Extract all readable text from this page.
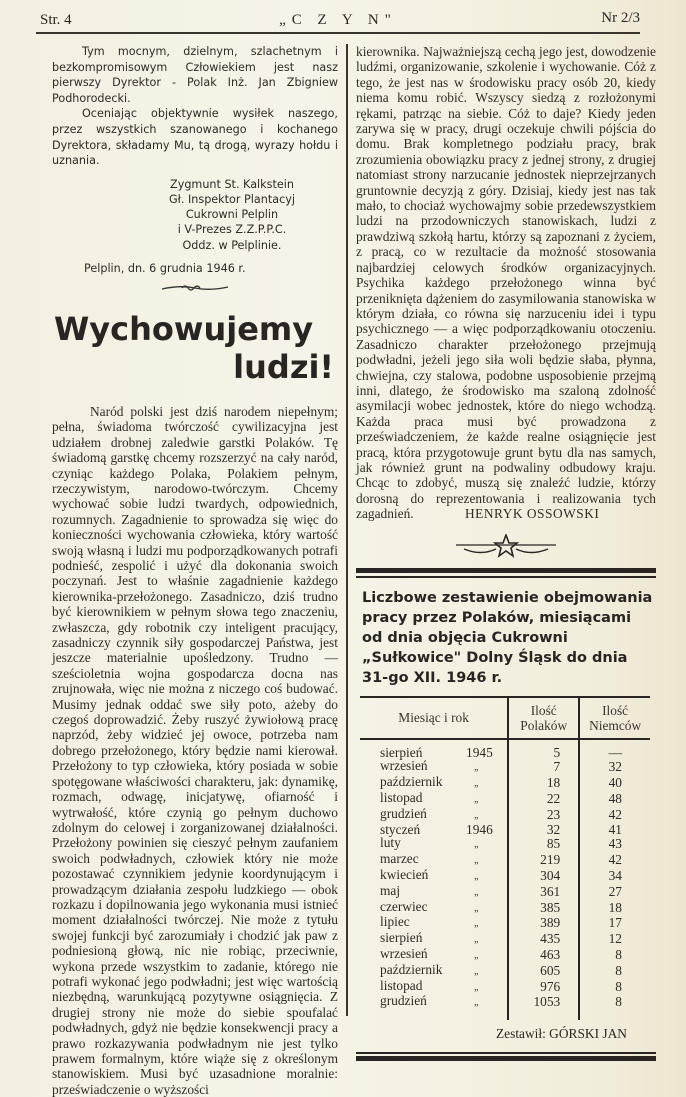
Str. 4	„C Z Y N"	Nr 2/3

Tym mocnym, dzielnym, szlachetnym i bezkompromisowym Człowiekiem jest nasz pierwszy Dyrektor - Polak Inż. Jan Zbigniew Podhorodecki.

Oceniając objektywnie wysiłek naszego, przez wszystkich szanowanego i kochanego Dyrektora, składamy Mu, tą drogą, wyrazy hołdu i uznania.

Zygmunt St. Kalkstein
Gł. Inspektor Plantacyj
Cukrowni Pelplin
i V-Prezes Z.Z.P.P.C.
Oddz. w Pelplinie.
Pelplin, dn. 6 grudnia 1946 r.
Wychowujemy
ludzi!

Naród polski jest dziś narodem niepełnym; pełna, świadoma twórczość cywilizacyjna jest udziałem drobnej zaledwie garstki Polaków. Tę świadomą garstkę chcemy rozszerzyć na cały naród, czyniąc każdego Polaka, Polakiem pełnym, rzeczywistym, narodowo-twórczym. Chcemy wychować sobie ludzi twardych, odpowiednich, rozumnych. Zagadnienie to sprowadza się więc do konieczności wychowania człowieka, który wartość swoją własną i ludzi mu podporządkowanych potrafi podnieść, zespolić i użyć dla dokonania swoich poczynań. Jest to właśnie zagadnienie każdego kierownika-przełożonego. Zasadniczo, dziś trudno być kierownikiem w pełnym słowa tego znaczeniu, zwłaszcza, gdy robotnik czy inteligent pracujący, zasadniczy czynnik siły gospodarczej Państwa, jest jeszcze materialnie upośledzony. Trudno — sześcioletnia wojna gospodarcza docna nas zrujnowała, więc nie można z niczego coś budować. Musimy jednak oddać swe siły poto, ażeby do czegoś doprowadzić. Żeby ruszyć żywiołową pracę naprzód, żeby widzieć jej owoce, potrzeba nam dobrego przełożonego, który będzie nami kierował. Przełożony to typ człowieka, który posiada w sobie spotęgowane właściwości charakteru, jak: dynamikę, rozmach, odwagę, inicjatywę, ofiarność i wytrwałość, które czynią go pełnym duchowo zdolnym do celowej i zorganizowanej działalności. Przełożony powinien się cieszyć pełnym zaufaniem swoich podwładnych, człowiek który nie może pozostawać czynnikiem jedynie koordynującym i prowadzącym działania zespołu ludzkiego — obok rozkazu i dopilnowania jego wykonania musi istnieć moment działalności twórczej. Nie może z tytułu swojej funkcji być zarozumiały i chodzić jak paw z podniesioną głową, nic nie robiąc, przeciwnie, wykona przede wszystkim to zadanie, którego nie potrafi wykonać jego podwładni; jest więc wartością niezbędną, warunkującą pozytywne osiągnięcia. Z drugiej strony nie może do siebie spoufalać podwładnych, gdyż nie będzie konsekwencji pracy a prawo rozkazywania podwładnym nie jest tylko prawem formalnym, które wiąże się z określonym stanowiskiem. Musi być uzasadnione moralnie: przeświadczenie o wyższości

kierownika. Najważniejszą cechą jego jest, dowodzenie ludźmi, organizowanie, szkolenie i wychowanie. Cóż z tego, że jest nas w środowisku pracy osób 20, kiedy niema komu robić. Wszyscy siedzą z rozłożonymi rękami, patrząc na siebie. Cóż to daje? Kiedy jeden zarywa się w pracy, drugi oczekuje chwili pójścia do domu. Brak kompletnego podziału pracy, brak zrozumienia obowiązku pracy z jednej strony, z drugiej natomiast strony narzucanie jednostek nieprzejrzanych gruntownie decyzją z góry. Dzisiaj, kiedy jest nas tak mało, to chociaż wychowajmy sobie przedewszystkiem ludzi na przodowniczych stanowiskach, ludzi z prawdziwą szkołą hartu, którzy są zapoznani z życiem, z pracą, co w rezultacie da możność stosowania najbardziej celowych środków organizacyjnych. Psychika każdego przełożonego winna być przeniknięta dążeniem do zasymilowania stanowiska w którym działa, co równa się narzuceniu idei i typu psychicznego — a więc podporządkowaniu otoczeniu. Zasadniczo charakter przełożonego przejmują podwładni, jeżeli jego siła woli będzie słaba, płynna, chwiejna, czy stalowa, podobne usposobienie przejmą inni, dlatego, że środowisko ma szaloną zdolność asymilacji wobec jednostek, które do niego wchodzą. Każda praca musi być prowadzona z przeświadczeniem, że każde realne osiągnięcie jest pracą, która przygotowuje grunt bytu dla nas samych, jak również grunt na podwaliny odbudowy kraju. Chcąc to zdobyć, muszą się znaleźć ludzie, którzy dorosną do reprezentowania i realizowania tych zagadnień.	HENRYK OSSOWSKI
Liczbowe zestawienie obejmowania pracy przez Polaków, miesiącami od dnia objęcia Cukrowni „Sułkowice" Dolny Śląsk do dnia 31-go XII. 1946 r.
Miesiąc i rok	Ilość Polaków	Ilość Niemców
sierpień 1945	5	—
wrzesień „	7	32
październik „	18	40
listopad „	22	48
grudzień „	23	42
styczeń 1946	32	41
luty „	85	43
marzec „	219	42
kwiecień „	304	34
maj „	361	27
czerwiec „	385	18
lipiec „	389	17
sierpień „	435	12
wrzesień „	463	8
październik „	605	8
listopad „	976	8
grudzień „	1053	8
Zestawił: GÓRSKI JAN
